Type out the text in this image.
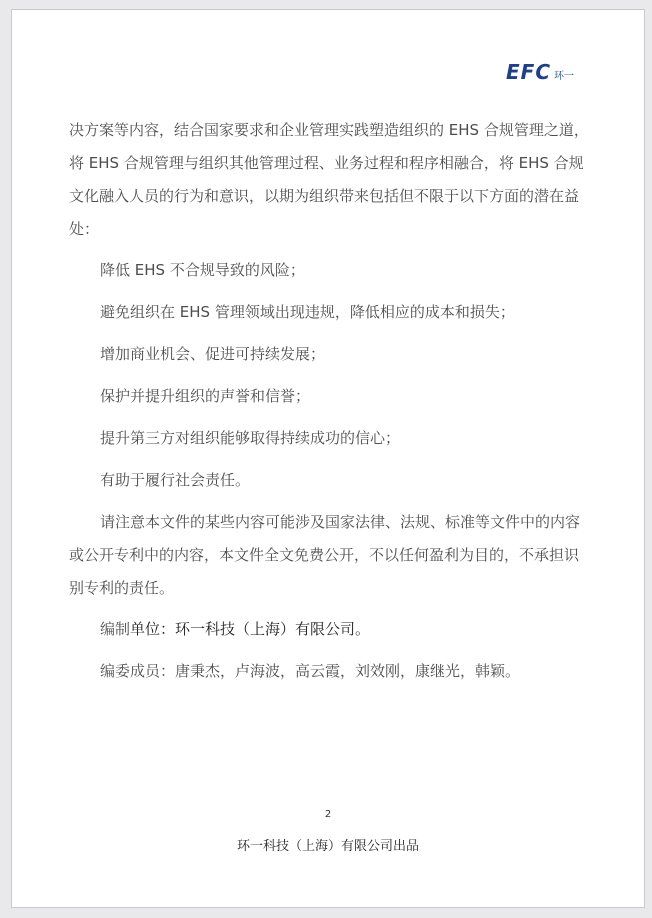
EFC 环一

决方案等内容，结合国家要求和企业管理实践塑造组织的 EHS 合规管理之道，将 EHS 合规管理与组织其他管理过程、业务过程和程序相融合，将 EHS 合规文化融入人员的行为和意识，以期为组织带来包括但不限于以下方面的潜在益处：

降低 EHS 不合规导致的风险；

避免组织在 EHS 管理领域出现违规，降低相应的成本和损失；

增加商业机会、促进可持续发展；

保护并提升组织的声誉和信誉；

提升第三方对组织能够取得持续成功的信心；

有助于履行社会责任。

请注意本文件的某些内容可能涉及国家法律、法规、标准等文件中的内容或公开专利中的内容，本文件全文免费公开，不以任何盈利为目的，不承担识别专利的责任。

编制单位：环一科技（上海）有限公司。

编委成员：唐秉杰，卢海波，高云霞，刘效刚，康继光，韩颖。

2
环一科技（上海）有限公司出品
